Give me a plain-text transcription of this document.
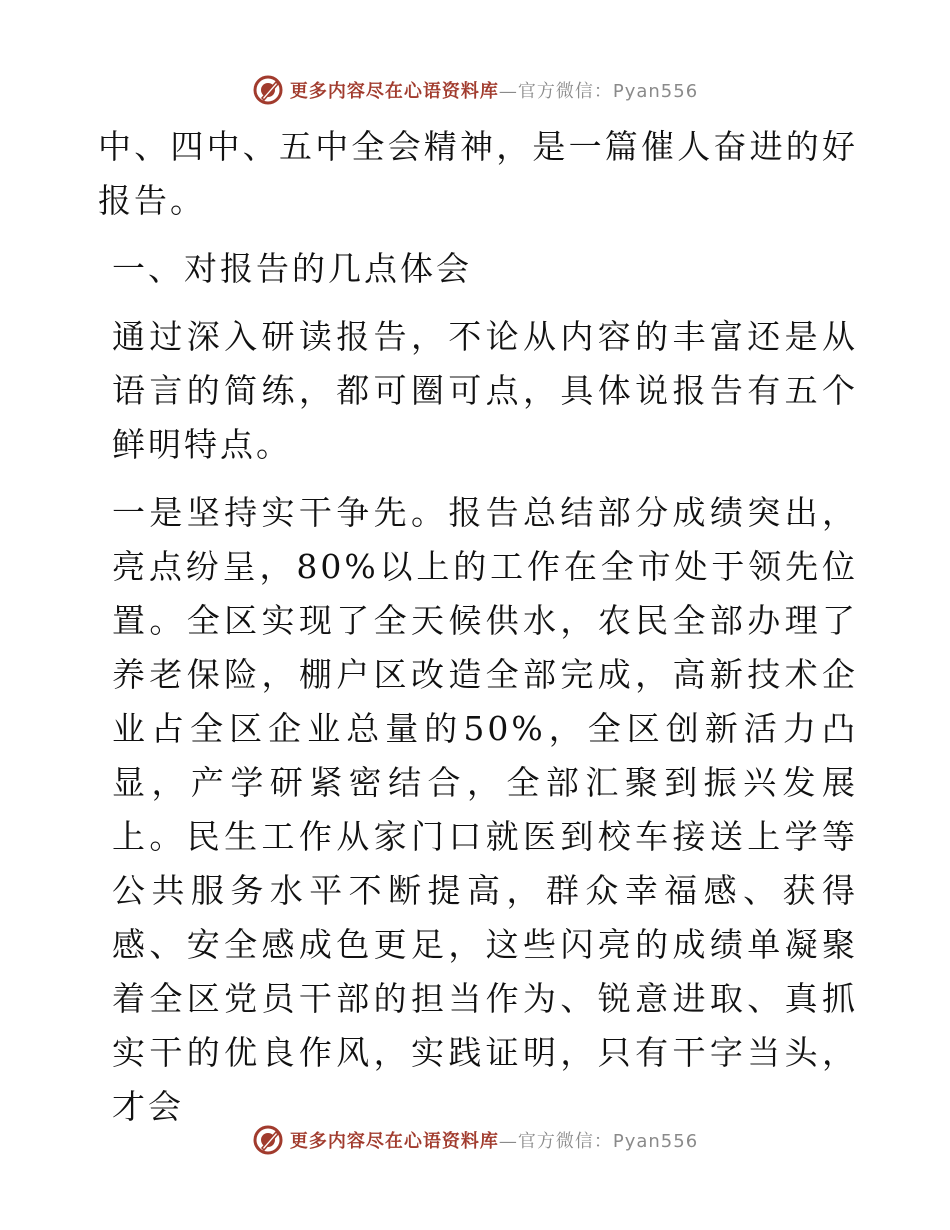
更多内容尽在心语资料库—官方微信：Pyan556

中、四中、五中全会精神，是一篇催人奋进的好报告。

一、对报告的几点体会

通过深入研读报告，不论从内容的丰富还是从语言的简练，都可圈可点，具体说报告有五个鲜明特点。

一是坚持实干争先。报告总结部分成绩突出，亮点纷呈，80%以上的工作在全市处于领先位置。全区实现了全天候供水，农民全部办理了养老保险，棚户区改造全部完成，高新技术企业占全区企业总量的50%，全区创新活力凸显，产学研紧密结合，全部汇聚到振兴发展上。民生工作从家门口就医到校车接送上学等公共服务水平不断提高，群众幸福感、获得感、安全感成色更足，这些闪亮的成绩单凝聚着全区党员干部的担当作为、锐意进取、真抓实干的优良作风，实践证明，只有干字当头，才会

更多内容尽在心语资料库—官方微信：Pyan556
